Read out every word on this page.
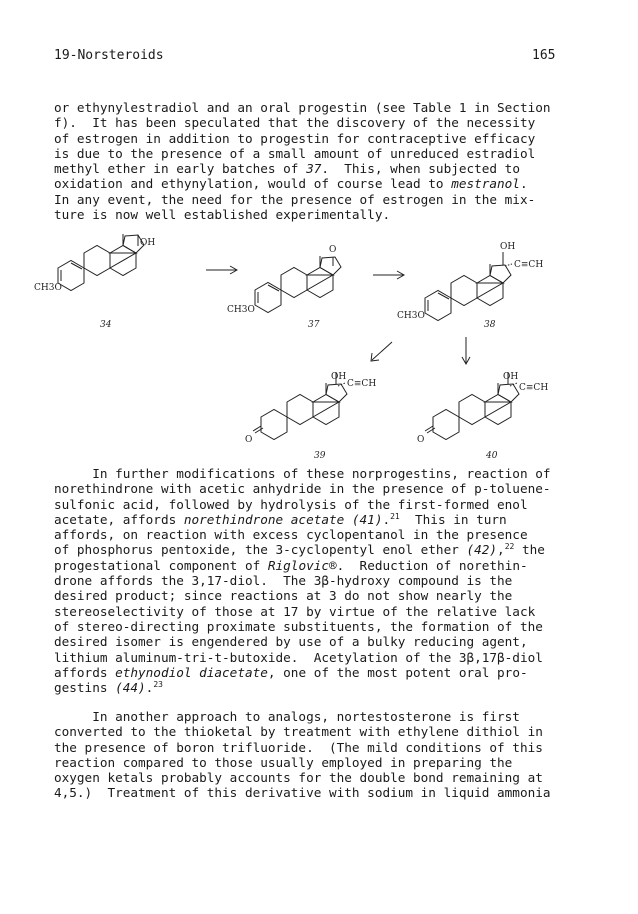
19-Norsteroids	165
or ethynylestradiol and an oral progestin (see Table 1 in Section
f).  It has been speculated that the discovery of the necessity
of estrogen in addition to progestin for contraceptive efficacy
is due to the presence of a small amount of unreduced estradiol
methyl ether in early batches of 37.  This, when subjected to
oxidation and ethynylation, would of course lead to mestranol.
In any event, the need for the presence of estrogen in the mix-
ture is now well established experimentally.
OH
CH3O
34
O
CH3O
37
OH
C≡CH
CH3O
38
OH
C≡CH
O
39
OH
C≡CH
O
40
In further modifications of these norprogestins, reaction of
norethindrone with acetic anhydride in the presence of p-toluene-
sulfonic acid, followed by hydrolysis of the first-formed enol
acetate, affords norethindrone acetate (41).$^{21}$  This in turn
affords, on reaction with excess cyclopentanol in the presence
of phosphorus pentoxide, the 3-cyclopentyl enol ether (42),$^{22}$ the
progestational component of Riglovic®.  Reduction of norethin-
drone affords the 3,17-diol.  The 3β-hydroxy compound is the
desired product; since reactions at 3 do not show nearly the
stereoselectivity of those at 17 by virtue of the relative lack
of stereo-directing proximate substituents, the formation of the
desired isomer is engendered by use of a bulky reducing agent,
lithium aluminum-tri-t-butoxide.  Acetylation of the 3β,17β-diol
affords ethynodiol diacetate, one of the most potent oral pro-
gestins (44).$^{23}$
In another approach to analogs, nortestosterone is first
converted to the thioketal by treatment with ethylene dithiol in
the presence of boron trifluoride.  (The mild conditions of this
reaction compared to those usually employed in preparing the
oxygen ketals probably accounts for the double bond remaining at
4,5.)  Treatment of this derivative with sodium in liquid ammonia
